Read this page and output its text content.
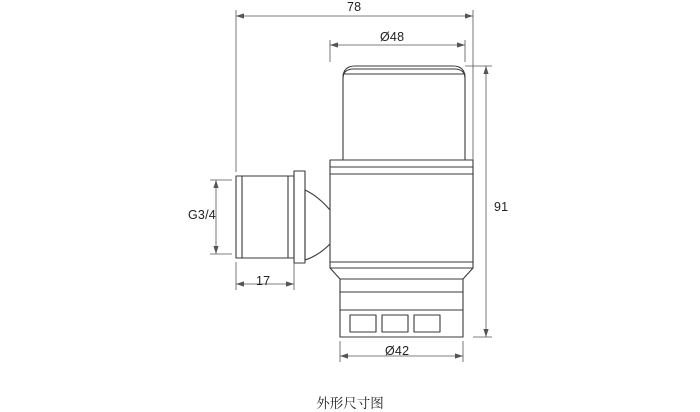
78
Ø48
91
G3/4
17
Ø42
外形尺寸图
